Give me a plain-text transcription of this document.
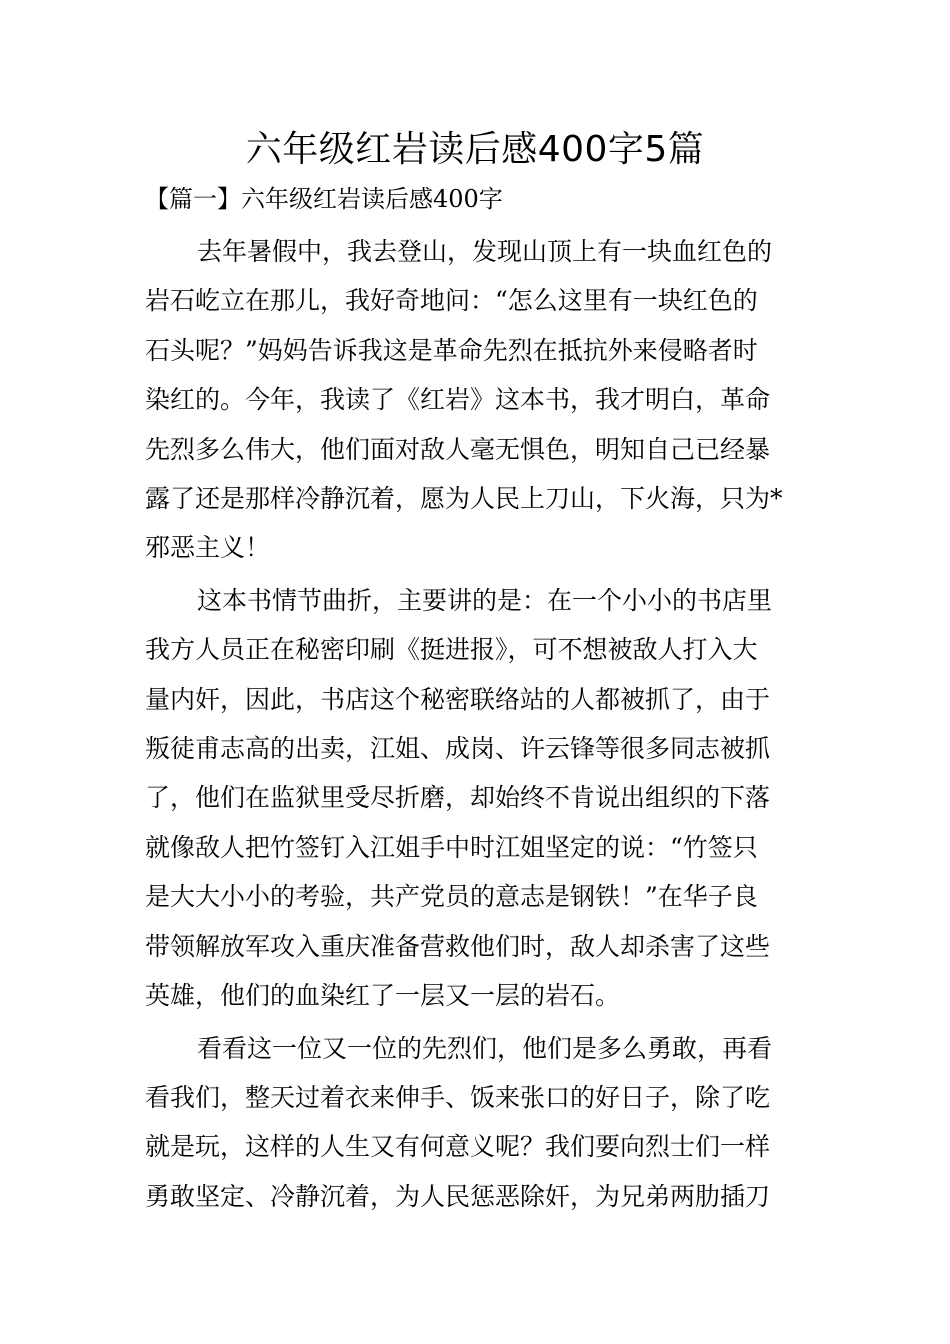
六年级红岩读后感400字5篇
【篇一】六年级红岩读后感400字

去年暑假中，我去登山，发现山顶上有一块血红色的
岩石屹立在那儿，我好奇地问：“怎么这里有一块红色的
石头呢？”妈妈告诉我这是革命先烈在抵抗外来侵略者时
染红的。今年，我读了《红岩》这本书，我才明白，革命
先烈多么伟大，他们面对敌人毫无惧色，明知自己已经暴
露了还是那样冷静沉着，愿为人民上刀山，下火海，只为*
邪恶主义！

这本书情节曲折，主要讲的是：在一个小小的书店里
我方人员正在秘密印刷《挺进报》，可不想被敌人打入大
量内奸，因此，书店这个秘密联络站的人都被抓了，由于
叛徒甫志高的出卖，江姐、成岗、许云锋等很多同志被抓
了，他们在监狱里受尽折磨，却始终不肯说出组织的下落
就像敌人把竹签钉入江姐手中时江姐坚定的说：“竹签只
是大大小小的考验，共产党员的意志是钢铁！”在华子良
带领解放军攻入重庆准备营救他们时，敌人却杀害了这些
英雄，他们的血染红了一层又一层的岩石。

看看这一位又一位的先烈们，他们是多么勇敢，再看
看我们，整天过着衣来伸手、饭来张口的好日子，除了吃
就是玩，这样的人生又有何意义呢？我们要向烈士们一样
勇敢坚定、冷静沉着，为人民惩恶除奸，为兄弟两肋插刀
